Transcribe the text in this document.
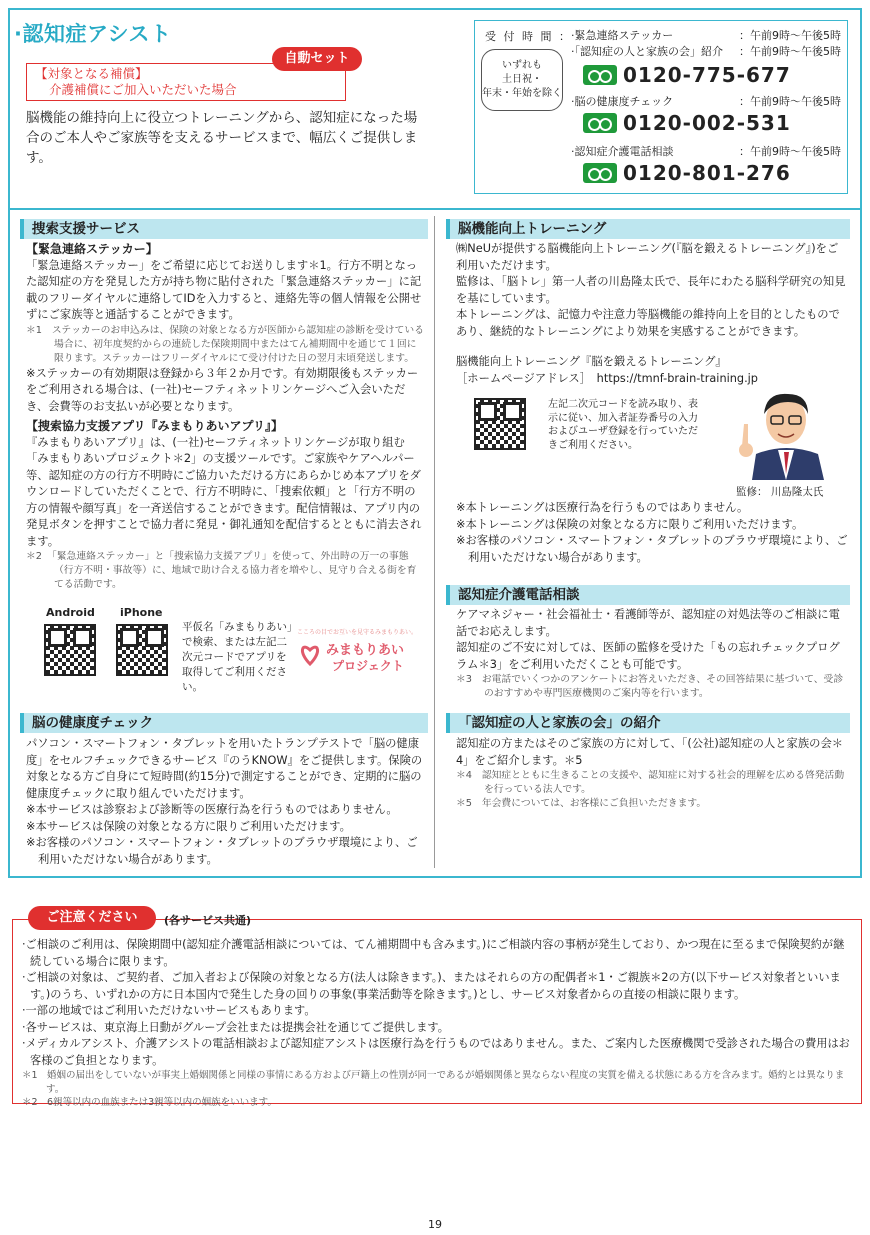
·認知症アシスト
【対象となる補償】
介護補償にご加入いただいた場合
自動セット
脳機能の維持向上に役立つトレーニングから、認知症になった場合のご本人やご家族等を支えるサービスまで、幅広くご提供します。
受 付 時 間 ：
いずれも
土日祝・
年末・年始を除く
·緊急連絡ステッカー	：午前9時～午後5時
·「認知症の人と家族の会」紹介 ：午前9時～午後5時
0120-775-677
·脳の健康度チェック	：午前9時～午後5時
0120-002-531
·認知症介護電話相談	：午前9時～午後5時
0120-801-276
捜索支援サービス
【緊急連絡ステッカー】
「緊急連絡ステッカー」をご希望に応じてお送りします＊1。行方不明となった認知症の方を発見した方が持ち物に貼付された「緊急連絡ステッカー」に記載のフリーダイヤルに連絡してIDを入力すると、連絡先等の個人情報を公開せずにご家族等と通話することができます。
＊1　ステッカーのお申込みは、保険の対象となる方が医師から認知症の診断を受けている場合に、初年度契約からの連続した保険期間中またはてん補期間中を通じて１回に限ります。ステッカーはフリーダイヤルにて受け付けた日の翌月末頃発送します。
※ステッカーの有効期限は登録から３年２か月です。有効期限後もステッカーをご利用される場合は、(一社)セーフティネットリンケージへご入会いただき、会費等のお支払いが必要となります。
【捜索協力支援アプリ『みまもりあいアプリ』】
『みまもりあいアプリ』は、(一社)セーフティネットリンケージが取り組む「みまもりあいプロジェクト＊2」の支援ツールです。ご家族やケアヘルパー等、認知症の方の行方不明時にご協力いただける方にあらかじめ本アプリをダウンロードしていただくことで、行方不明時に、「捜索依頼」と「行方不明の方の情報や顔写真」を一斉送信することができます。配信情報は、アプリ内の発見ボタンを押すことで協力者に発見・御礼通知を配信するとともに消去されます。
＊2　「緊急連絡ステッカー」と「捜索協力支援アプリ」を使って、外出時の万一の事態（行方不明・事故等）に、地域で助け合える協力者を増やし、見守り合える街を育てる活動です。
Android iPhone
平仮名「みまもりあい」で検索、または左記二次元コードでアプリを取得してご利用ください。
こころの目でお互いを見守るみまもりあい。
みまもりあい
プロジェクト
脳の健康度チェック
パソコン・スマートフォン・タブレットを用いたトランプテストで「脳の健康度」をセルフチェックできるサービス『のうKNOW』をご提供します。保険の対象となる方ご自身にて短時間(約15分)で測定することができ、定期的に脳の健康度チェックに取り組んでいただけます。
※本サービスは診察および診断等の医療行為を行うものではありません。
※本サービスは保険の対象となる方に限りご利用いただけます。
※お客様のパソコン・スマートフォン・タブレットのブラウザ環境により、ご利用いただけない場合があります。
脳機能向上トレーニング
㈱NeUが提供する脳機能向上トレーニング(『脳を鍛えるトレーニング』)をご利用いただけます。
監修は、「脳トレ」第一人者の川島隆太氏で、長年にわたる脳科学研究の知見を基にしています。
本トレーニングは、記憶力や注意力等脳機能の維持向上を目的としたものであり、継続的なトレーニングにより効果を実感することができます。
脳機能向上トレーニング『脳を鍛えるトレーニング』
［ホームページアドレス］　 https://tmnf-brain-training.jp
左記二次元コードを読み取り、表示に従い、加入者証券番号の入力およびユーザ登録を行っていただきご利用ください。
監修： 川島隆太氏
※本トレーニングは医療行為を行うものではありません。
※本トレーニングは保険の対象となる方に限りご利用いただけます。
※お客様のパソコン・スマートフォン・タブレットのブラウザ環境により、ご利用いただけない場合があります。
認知症介護電話相談
ケアマネジャー・社会福祉士・看護師等が、認知症の対処法等のご相談に電話でお応えします。
認知症のご不安に対しては、医師の監修を受けた「もの忘れチェックプログラム＊3」をご利用いただくことも可能です。
＊3　お電話でいくつかのアンケートにお答えいただき、その回答結果に基づいて、受診のおすすめや専門医療機関のご案内等を行います。
「認知症の人と家族の会」の紹介
認知症の方またはそのご家族の方に対して、「(公社)認知症の人と家族の会＊4」をご紹介します。＊5
＊4　認知症とともに生きることの支援や、認知症に対する社会的理解を広める啓発活動を行っている法人です。
＊5　年会費については、お客様にご負担いただきます。
ご注意ください	(各サービス共通)
·ご相談のご利用は、保険期間中(認知症介護電話相談については、てん補期間中も含みます。)にご相談内容の事柄が発生しており、かつ現在に至るまで保険契約が継続している場合に限ります。
·ご相談の対象は、ご契約者、ご加入者および保険の対象となる方(法人は除きます。)、またはそれらの方の配偶者＊1・ご親族＊2の方(以下サービス対象者といいます。)のうち、いずれかの方に日本国内で発生した身の回りの事象(事業活動等を除きます。)とし、サービス対象者からの直接の相談に限ります。
·一部の地域ではご利用いただけないサービスもあります。
·各サービスは、東京海上日動がグループ会社または提携会社を通じてご提供します。
·メディカルアシスト、介護アシストの電話相談および認知症アシストは医療行為を行うものではありません。また、ご案内した医療機関で受診された場合の費用はお客様のご負担となります。
＊1　婚姻の届出をしていないが事実上婚姻関係と同様の事情にある方および戸籍上の性別が同一であるが婚姻関係と異ならない程度の実質を備える状態にある方を含みます。婚約とは異なります。
＊2　6親等以内の血族または3親等以内の姻族をいいます。
19
